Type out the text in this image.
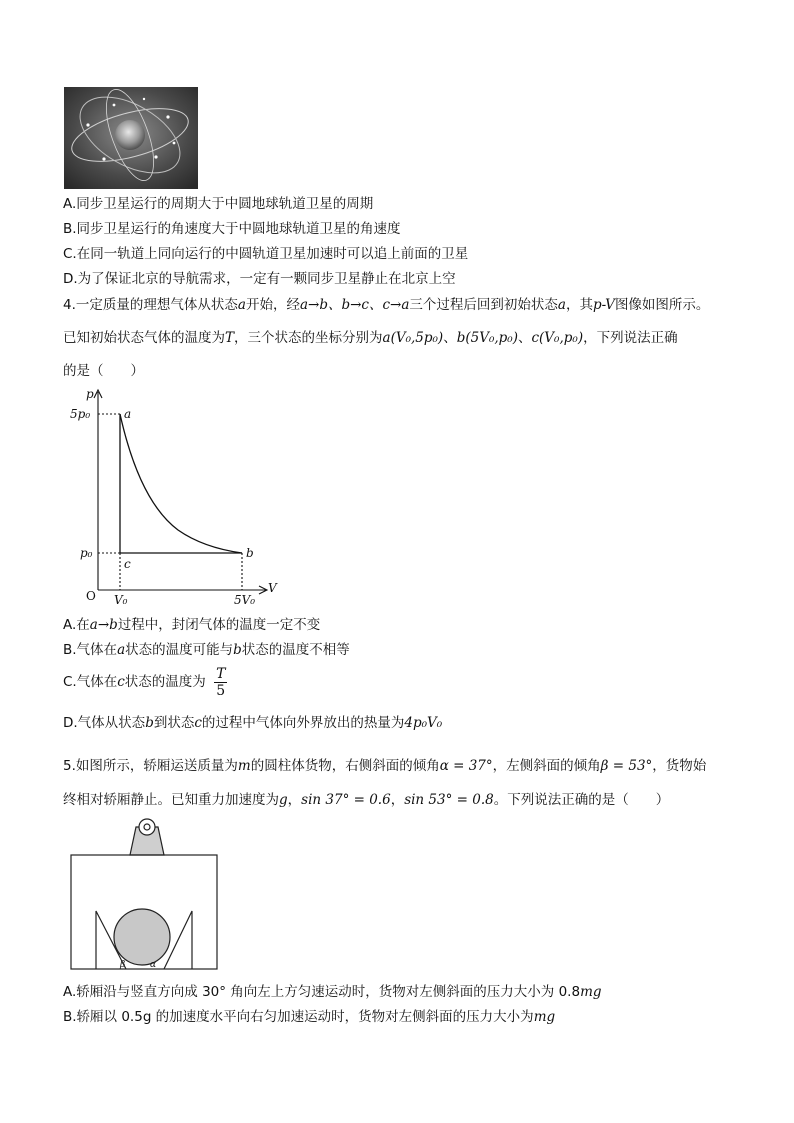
A.同步卫星运行的周期大于中圆地球轨道卫星的周期
B.同步卫星运行的角速度大于中圆地球轨道卫星的角速度
C.在同一轨道上同向运行的中圆轨道卫星加速时可以追上前面的卫星
D.为了保证北京的导航需求，一定有一颗同步卫星静止在北京上空
4.一定质量的理想气体从状态a开始，经a→b、b→c、c→a三个过程后回到初始状态a，其p-V图像如图所示。
已知初始状态气体的温度为T，三个状态的坐标分别为a(V₀,5p₀)、b(5V₀,p₀)、c(V₀,p₀)，下列说法正确
的是（　　）
p
V
O
5p₀
p₀
V₀	5V₀
a
b
c
A.在a→b过程中，封闭气体的温度一定不变
B.气体在a状态的温度可能与b状态的温度不相等
C.气体在c状态的温度为 $\frac{T}{5}$
D.气体从状态b到状态c的过程中气体向外界放出的热量为4p₀V₀
5.如图所示，轿厢运送质量为m的圆柱体货物，右侧斜面的倾角α = 37°，左侧斜面的倾角β = 53°，货物始
终相对轿厢静止。已知重力加速度为g，sin 37° = 0.6，sin 53° = 0.8。下列说法正确的是（　　）
β	α
A.轿厢沿与竖直方向成 30° 角向左上方匀速运动时，货物对左侧斜面的压力大小为 0.8mg
B.轿厢以 0.5g 的加速度水平向右匀加速运动时，货物对左侧斜面的压力大小为mg
